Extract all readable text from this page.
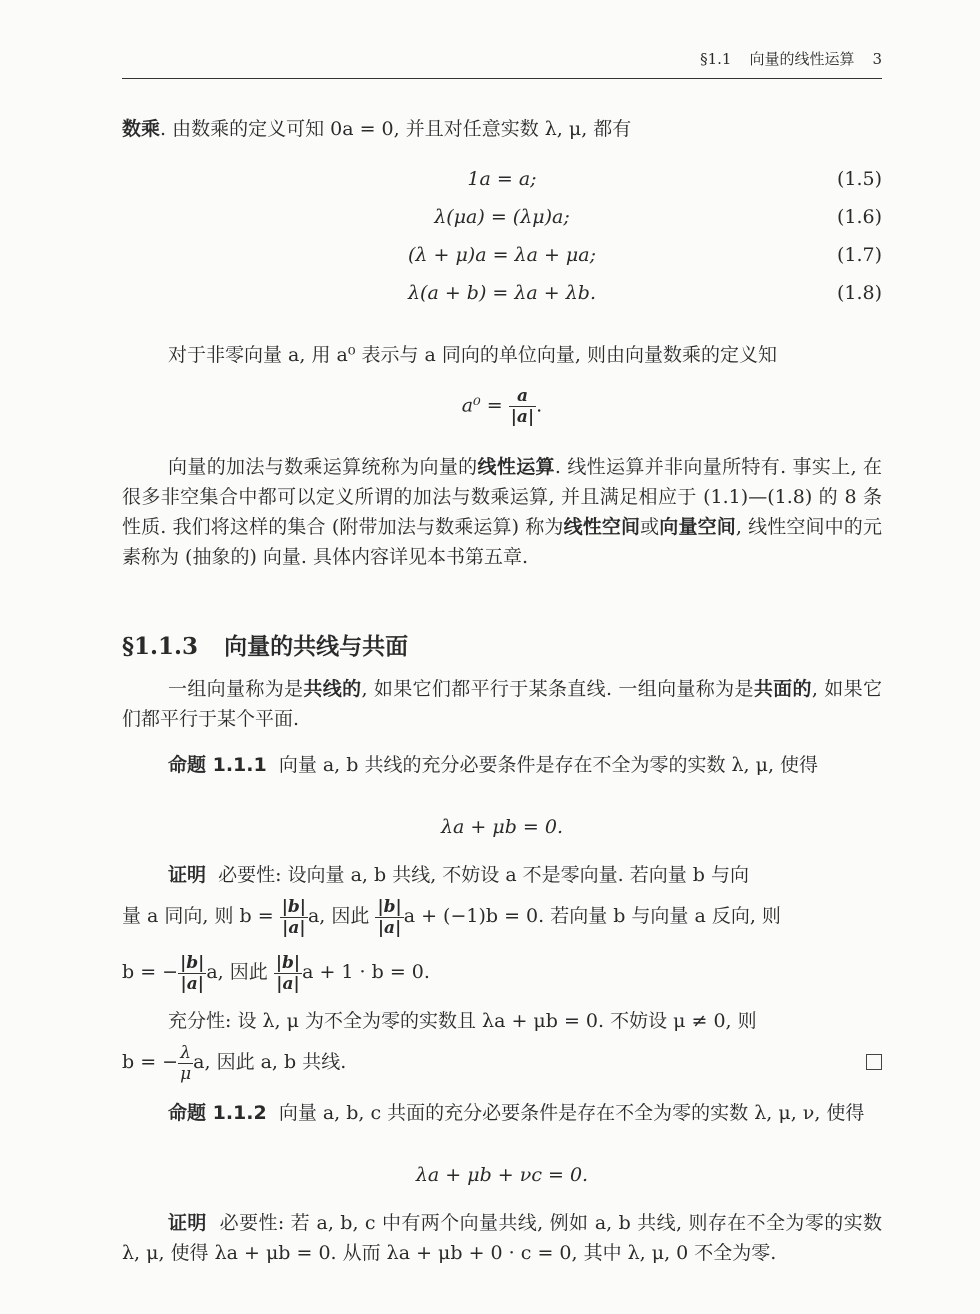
§1.1 向量的线性运算 3
数乘. 由数乘的定义可知 0a = 0, 并且对任意实数 λ, μ, 都有
1a = a;	(1.5)
λ(μa) = (λμ)a;	(1.6)
(λ + μ)a = λa + μa;	(1.7)
λ(a + b) = λa + λb.	(1.8)
对于非零向量 a, 用 a⁰ 表示与 a 同向的单位向量, 则由向量数乘的定义知
$a^0 = \frac{a}{|a|}$ .
向量的加法与数乘运算统称为向量的线性运算. 线性运算并非向量所特有. 事实上, 在很多非空集合中都可以定义所谓的加法与数乘运算, 并且满足相应于 (1.1)—(1.8) 的 8 条性质. 我们将这样的集合 (附带加法与数乘运算) 称为线性空间或向量空间, 线性空间中的元素称为 (抽象的) 向量. 具体内容详见本书第五章.
§1.1.3 向量的共线与共面
一组向量称为是共线的, 如果它们都平行于某条直线. 一组向量称为是共面的, 如果它们都平行于某个平面.
命题 1.1.1 向量 a, b 共线的充分必要条件是存在不全为零的实数 λ, μ, 使得
λa + μb = 0.
证明 必要性: 设向量 a, b 共线, 不妨设 a 不是零向量. 若向量 b 与向
量 a 同向, 则 $b = \frac{|b|}{|a|} a$, 因此 $\frac{|b|}{|a|}$ a + (−1)b = 0. 若向量 b 与向量 a 反向, 则
b = − $\frac{|b|}{|a|} a$, 因此 $\frac{|b|}{|a|}$ a + 1 · b = 0.
充分性: 设 λ, μ 为不全为零的实数且 λa + μb = 0. 不妨设 μ ≠ 0, 则
b = − $\frac{\lambda}{\mu} a$, 因此 a, b 共线.
命题 1.1.2 向量 a, b, c 共面的充分必要条件是存在不全为零的实数 λ, μ, ν, 使得
λa + μb + νc = 0.
证明 必要性: 若 a, b, c 中有两个向量共线, 例如 a, b 共线, 则存在不全为零的实数 λ, μ, 使得 λa + μb = 0. 从而 λa + μb + 0 · c = 0, 其中 λ, μ, 0 不全为零.
